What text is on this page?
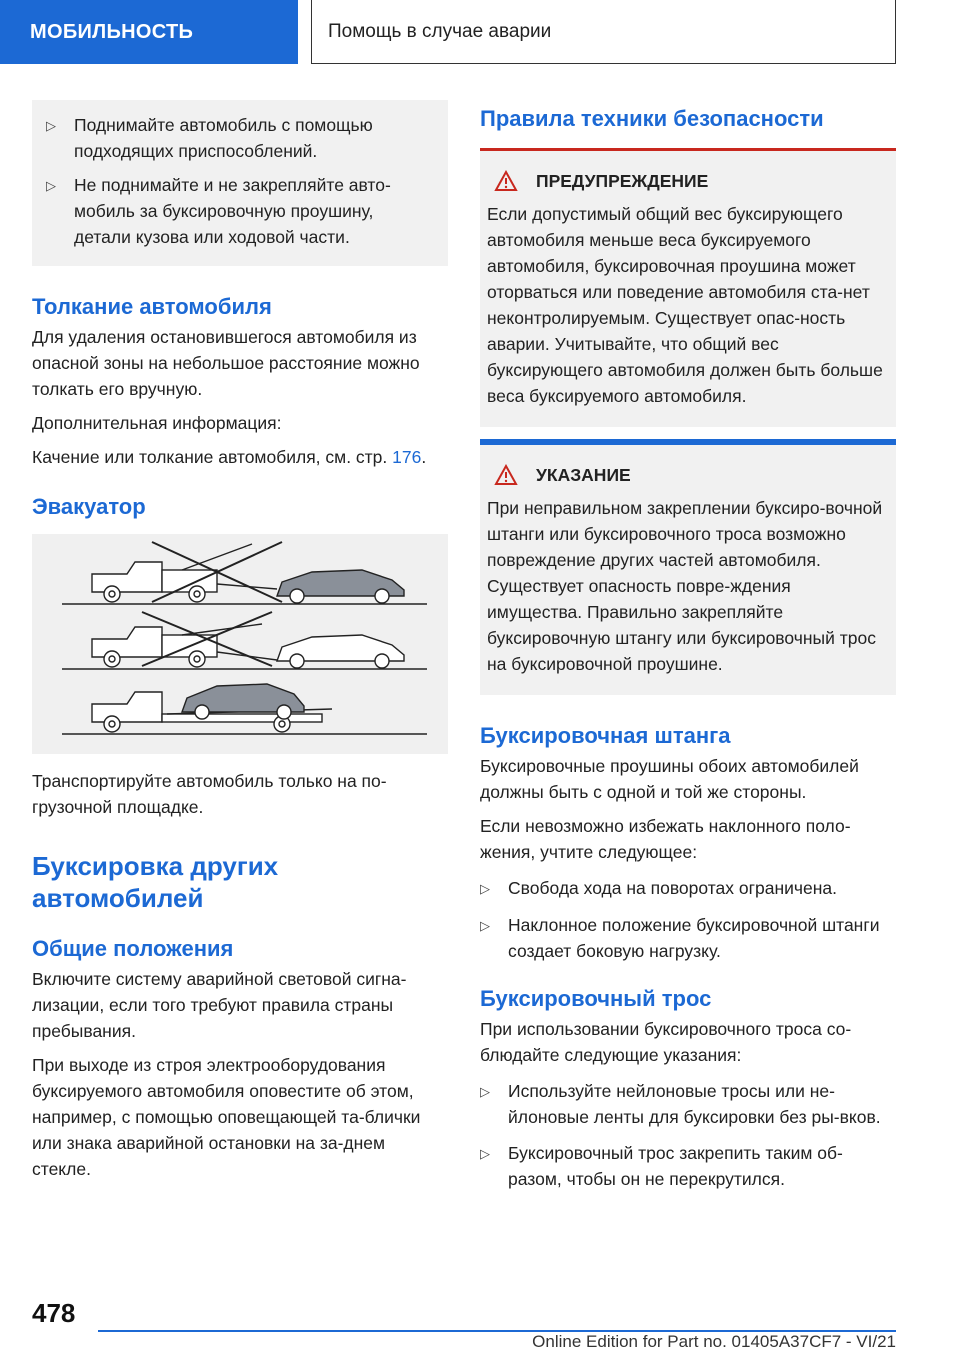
МОБИЛЬНОСТЬ	Помощь в случае аварии
▷	Поднимайте автомобиль с помощью подходящих приспособлений.
▷	Не поднимайте и не закрепляйте авто-мобиль за буксировочную проушину, детали кузова или ходовой части.
Толкание автомобиля

Для удаления остановившегося автомобиля из опасной зоны на небольшое расстояние можно толкать его вручную.

Дополнительная информация:

Качение или толкание автомобиля, см. стр. 176.

Эвакуатор

Транспортируйте автомобиль только на по-грузочной площадке.

Буксировка других
автомобилей
Общие положения

Включите систему аварийной световой сигна-лизации, если того требуют правила страны пребывания.

При выходе из строя электрооборудования буксируемого автомобиля оповестите об этом, например, с помощью оповещающей та-блички или знака аварийной остановки на за-днем стекле.

Правила техники безопасности
ПРЕДУПРЕЖДЕНИЕ

Если допустимый общий вес буксирующего автомобиля меньше веса буксируемого автомобиля, буксировочная проушина может оторваться или поведение автомобиля ста-нет неконтролируемым. Существует опас-ность аварии. Учитывайте, что общий вес буксирующего автомобиля должен быть больше веса буксируемого автомобиля.

УКАЗАНИЕ

При неправильном закреплении буксиро-вочной штанги или буксировочного троса возможно повреждение других частей автомобиля. Существует опасность повре-ждения имущества. Правильно закрепляйте буксировочную штангу или буксировочный трос на буксировочной проушине.

Буксировочная штанга

Буксировочные проушины обоих автомобилей должны быть с одной и той же стороны.

Если невозможно избежать наклонного поло-жения, учтите следующее:

▷	Свобода хода на поворотах ограничена.
▷	Наклонное положение буксировочной штанги создает боковую нагрузку.
Буксировочный трос

При использовании буксировочного троса со-блюдайте следующие указания:

▷	Используйте нейлоновые тросы или не-йлоновые ленты для буксировки без ры-вков.
▷	Буксировочный трос закрепить таким об-разом, чтобы он не перекрутился.
478
Online Edition for Part no. 01405A37CF7 - VI/21
